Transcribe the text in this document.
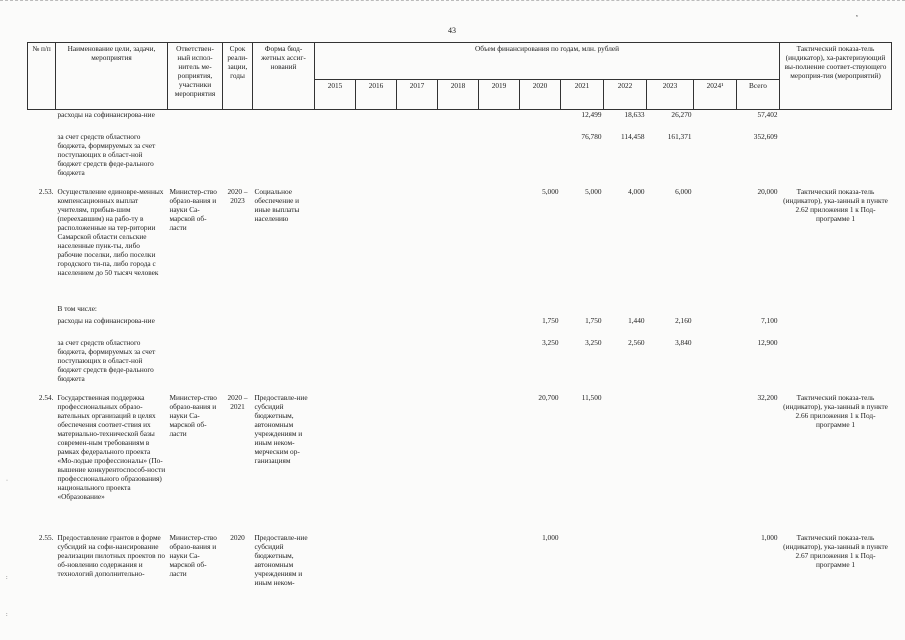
43
ᵛ
·
:
:
№ п/п	Наименование цели, задачи, мероприятия	Ответствен-ный испол-нитель ме-роприятия, участники мероприятия	Срок реали-зации, годы	Форма бюд-жетных ассиг-нований	Объем финансирования по годам, млн. рублей											Тактический показа-тель (индикатор), ха-рактеризующий вы-полнение соответ-ствующего мероприя-тия (мероприятий)
					2015	2016	2017	2018	2019	2020	2021	2022	2023	2024¹	Всего	
	расходы на софинансирова-ние										12,499	18,633	26,270		57,402	
	за счет средств областного бюджета, формируемых за счет поступающих в област-ной бюджет средств феде-рального бюджета										76,780	114,458	161,371		352,609	
2.53.	Осуществление единовре-менных компенсационных выплат учителям, прибыв-шим (переехавшим) на рабо-ту в расположенные на тер-ритории Самарской области сельские населенные пунк-ты, либо рабочие поселки, либо поселки городского ти-па, либо города с населением до 50 тысяч человек	Министер-ство образо-вания и науки Са-марской об-ласти	2020 – 2023	Социальное обеспечение и иные выплаты населению						5,000	5,000	4,000	6,000		20,000	Тактический показа-тель (индикатор), ука-занный в пункте 2.62 приложения 1 к Под-программе 1
	В том числе:															
	расходы на софинансирова-ние									1,750	1,750	1,440	2,160		7,100	
	за счет средств областного бюджета, формируемых за счет поступающих в област-ной бюджет средств феде-рального бюджета									3,250	3,250	2,560	3,840		12,900	
2.54.	Государственная поддержка профессиональных образо-вательных организаций в целях обеспечения соответ-ствия их материально-технической базы современ-ным требованиям в рамках федерального проекта «Мо-лодые профессионалы» (По-вышение конкурентоспособ-ности профессионального образования) национального проекта «Образование»	Министер-ство образо-вания и науки Са-марской об-ласти	2020 – 2021	Предоставле-ние субсидий бюджетным, автономным учреждениям и иным неком-мерческим ор-ганизациям						20,700	11,500				32,200	Тактический показа-тель (индикатор), ука-занный в пункте 2.66 приложения 1 к Под-программе 1
2.55.	Предоставление грантов в форме субсидий на софи-нансирование реализации пилотных проектов по об-новлению содержания и технологий дополнительно-	Министер-ство образо-вания и науки Са-марской об-ласти	2020	Предоставле-ние субсидий бюджетным, автономным учреждениям и иным неком-						1,000					1,000	Тактический показа-тель (индикатор), ука-занный в пункте 2.67 приложения 1 к Под-программе 1
